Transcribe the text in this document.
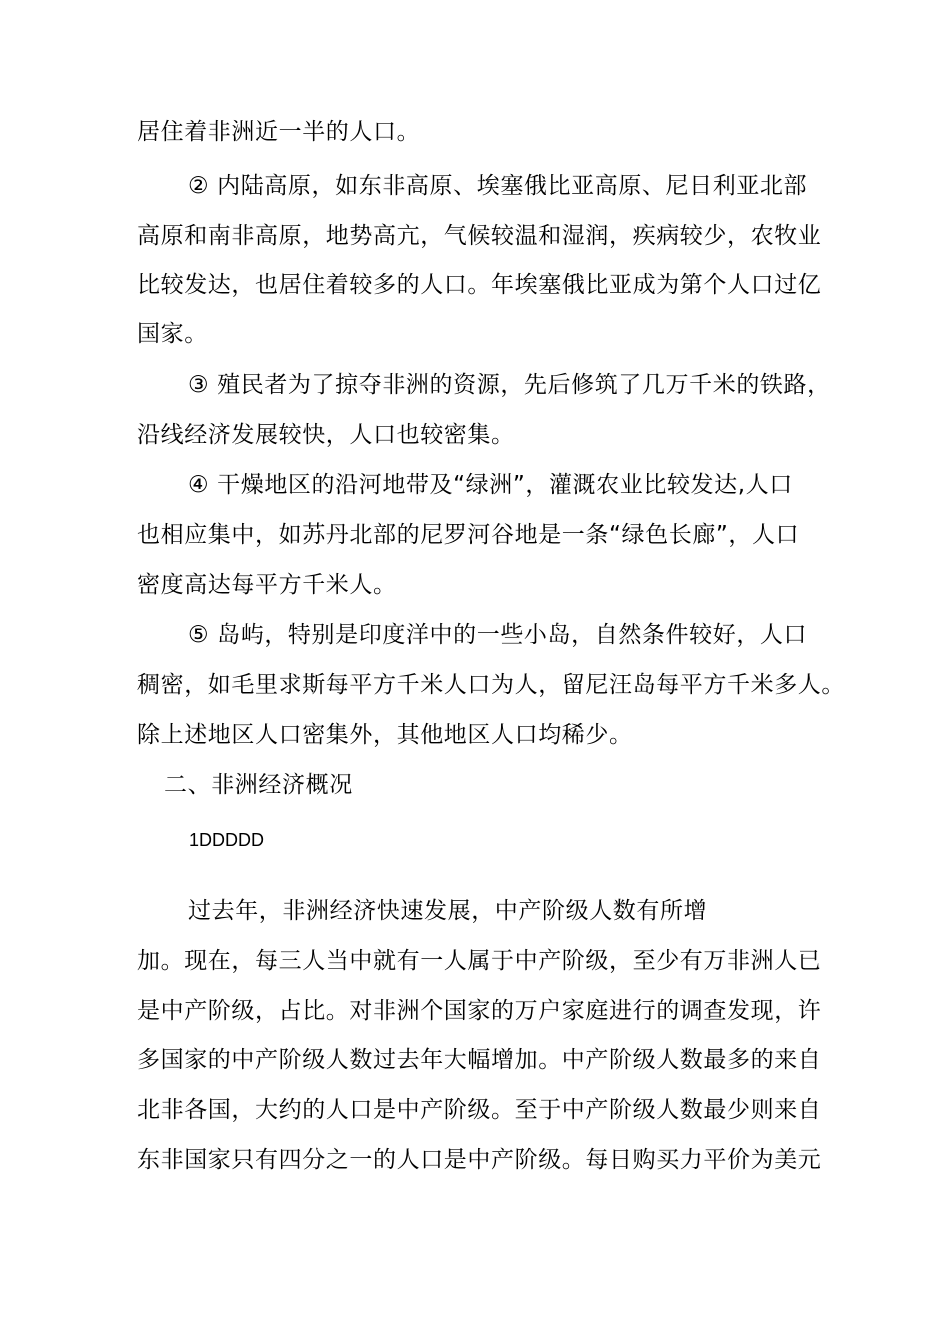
居住着非洲近一半的人口。
② 内陆高原，如东非高原、埃塞俄比亚高原、尼日利亚北部
高原和南非高原，地势高亢，气候较温和湿润，疾病较少，农牧业
比较发达，也居住着较多的人口。年埃塞俄比亚成为第个人口过亿
国家。
③ 殖民者为了掠夺非洲的资源，先后修筑了几万千米的铁路，
沿线经济发展较快，人口也较密集。
④ 干燥地区的沿河地带及“绿洲”，灌溉农业比较发达,人口
也相应集中，如苏丹北部的尼罗河谷地是一条“绿色长廊”，人口
密度高达每平方千米人。
⑤ 岛屿，特别是印度洋中的一些小岛，自然条件较好，人口
稠密，如毛里求斯每平方千米人口为人，留尼汪岛每平方千米多人。
除上述地区人口密集外，其他地区人口均稀少。
二、非洲经济概况
1DDDDD
过去年，非洲经济快速发展，中产阶级人数有所增
加。现在，每三人当中就有一人属于中产阶级，至少有万非洲人已
是中产阶级，占比。对非洲个国家的万户家庭进行的调查发现，许
多国家的中产阶级人数过去年大幅增加。中产阶级人数最多的来自
北非各国，大约的人口是中产阶级。至于中产阶级人数最少则来自
东非国家只有四分之一的人口是中产阶级。每日购买力平价为美元
